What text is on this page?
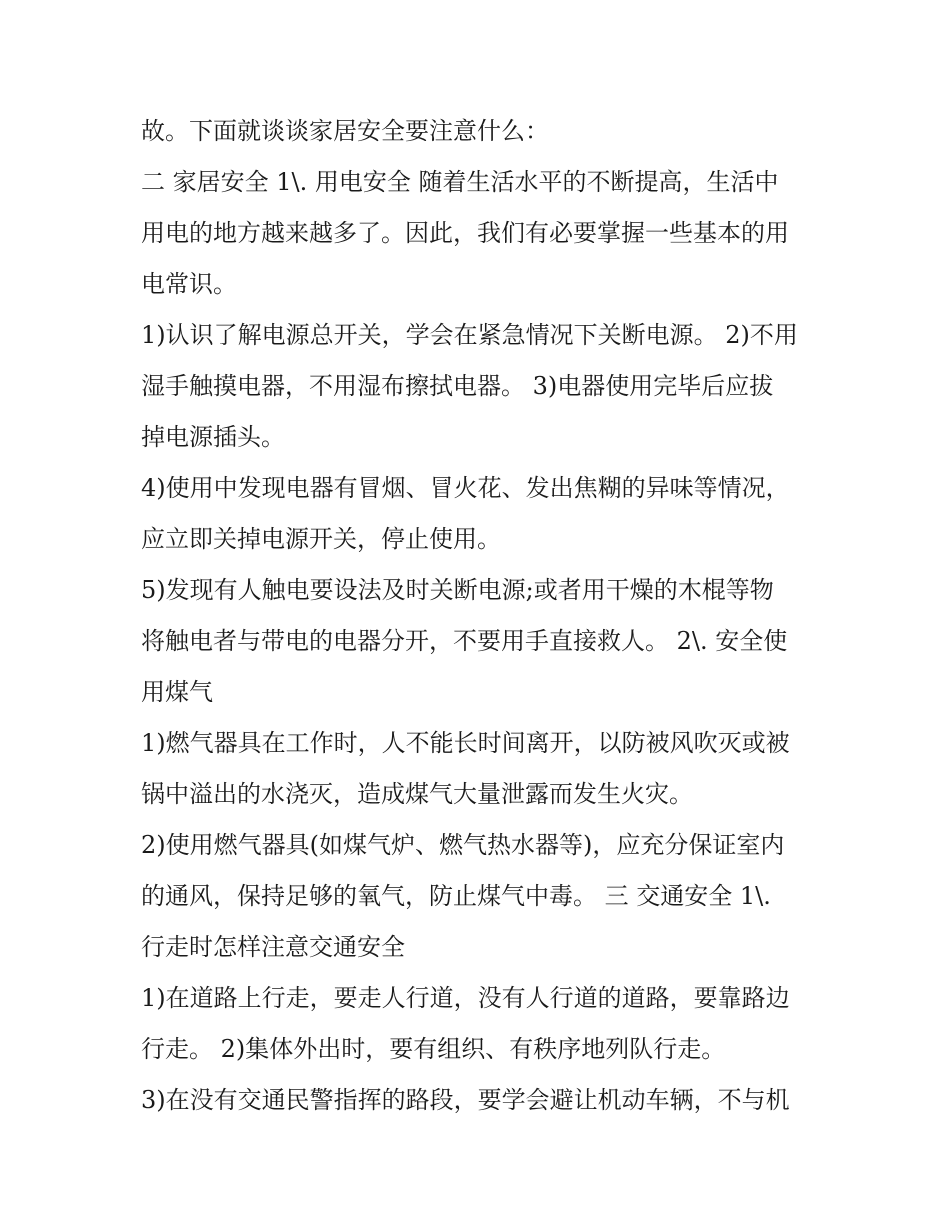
故。下面就谈谈家居安全要注意什么：

二 家居安全 1\. 用电安全 随着生活水平的不断提高，生活中
用电的地方越来越多了。因此，我们有必要掌握一些基本的用
电常识。

1)认识了解电源总开关，学会在紧急情况下关断电源。 2)不用
湿手触摸电器，不用湿布擦拭电器。 3)电器使用完毕后应拔
掉电源插头。

4)使用中发现电器有冒烟、冒火花、发出焦糊的异味等情况，
应立即关掉电源开关，停止使用。

5)发现有人触电要设法及时关断电源;或者用干燥的木棍等物
将触电者与带电的电器分开，不要用手直接救人。 2\. 安全使
用煤气

1)燃气器具在工作时，人不能长时间离开，以防被风吹灭或被
锅中溢出的水浇灭，造成煤气大量泄露而发生火灾。

2)使用燃气器具(如煤气炉、燃气热水器等)，应充分保证室内
的通风，保持足够的氧气，防止煤气中毒。 三 交通安全 1\.
行走时怎样注意交通安全

1)在道路上行走，要走人行道，没有人行道的道路，要靠路边
行走。 2)集体外出时，要有组织、有秩序地列队行走。

3)在没有交通民警指挥的路段，要学会避让机动车辆，不与机
